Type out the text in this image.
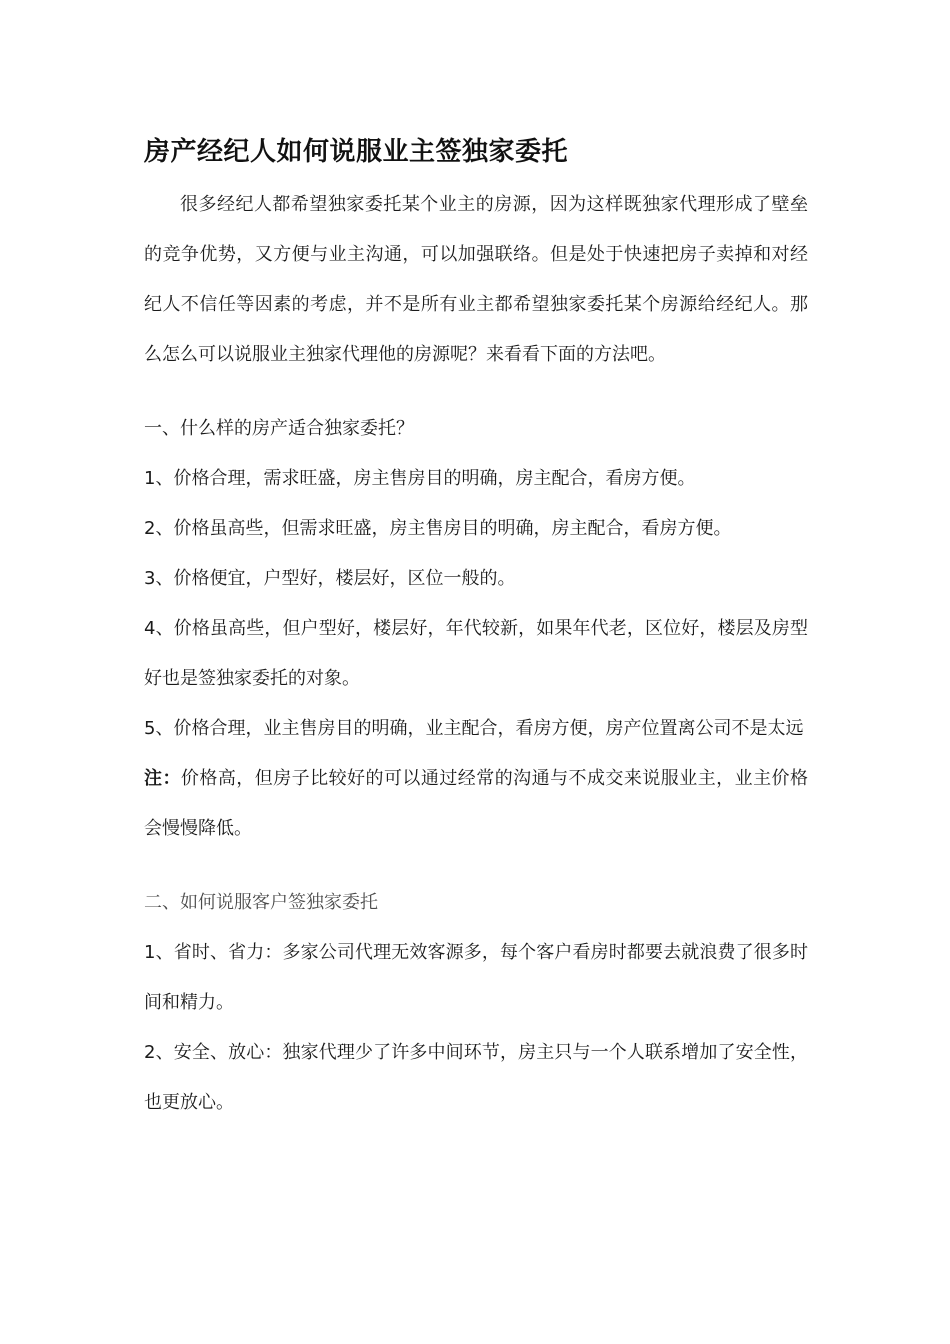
房产经纪人如何说服业主签独家委托

很多经纪人都希望独家委托某个业主的房源，因为这样既独家代理形成了壁垒的竞争优势，又方便与业主沟通，可以加强联络。但是处于快速把房子卖掉和对经纪人不信任等因素的考虑，并不是所有业主都希望独家委托某个房源给经纪人。那么怎么可以说服业主独家代理他的房源呢？来看看下面的方法吧。

一、什么样的房产适合独家委托？

1、价格合理，需求旺盛，房主售房目的明确，房主配合，看房方便。

2、价格虽高些，但需求旺盛，房主售房目的明确，房主配合，看房方便。

3、价格便宜，户型好，楼层好，区位一般的。

4、价格虽高些，但户型好，楼层好，年代较新，如果年代老，区位好，楼层及房型好也是签独家委托的对象。

5、价格合理，业主售房目的明确，业主配合，看房方便，房产位置离公司不是太远

注：价格高，但房子比较好的可以通过经常的沟通与不成交来说服业主，业主价格会慢慢降低。

二、如何说服客户签独家委托

1、省时、省力：多家公司代理无效客源多，每个客户看房时都要去就浪费了很多时间和精力。

2、安全、放心：独家代理少了许多中间环节，房主只与一个人联系增加了安全性，也更放心。
